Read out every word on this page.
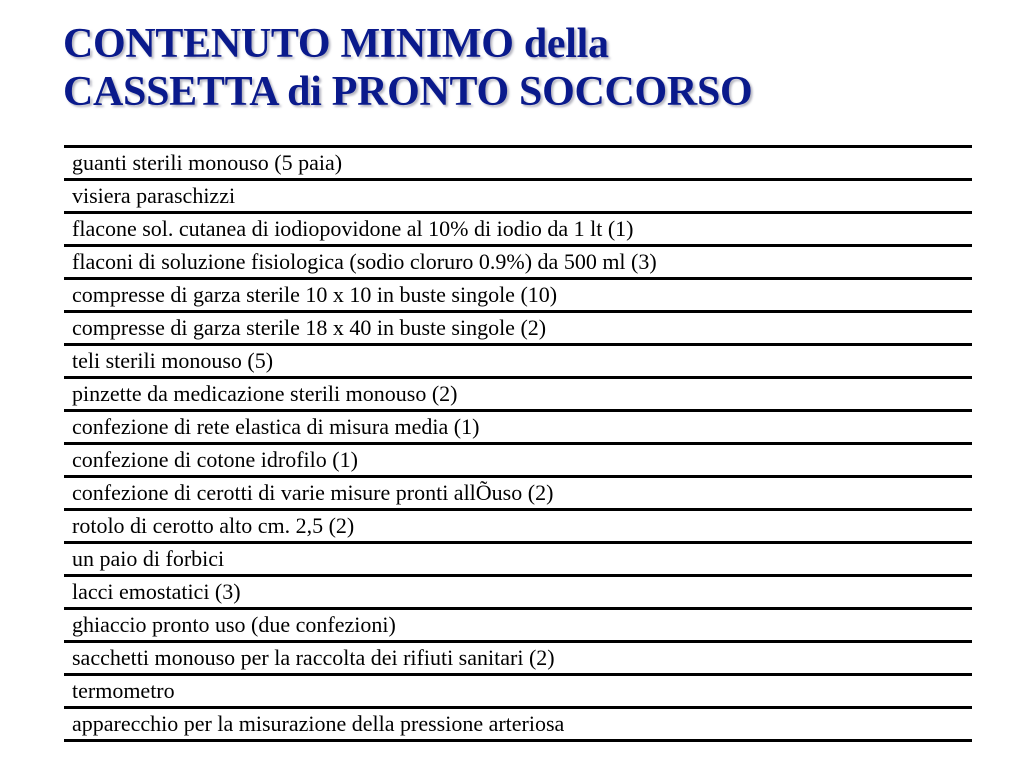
CONTENUTO MINIMO della
CASSETTA di PRONTO SOCCORSO
guanti sterili monouso (5 paia)
visiera paraschizzi
flacone sol. cutanea di iodiopovidone al 10% di iodio da 1 lt (1)
flaconi di soluzione fisiologica (sodio cloruro 0.9%) da 500 ml (3)
compresse di garza sterile 10 x 10 in buste singole (10)
compresse di garza sterile 18 x 40 in buste singole (2)
teli sterili monouso (5)
pinzette da medicazione sterili monouso (2)
confezione di rete elastica di misura media (1)
confezione di cotone idrofilo (1)
confezione di cerotti di varie misure pronti allÕuso (2)
rotolo di cerotto alto cm. 2,5 (2)
un paio di forbici
lacci emostatici (3)
ghiaccio pronto uso (due confezioni)
sacchetti monouso per la raccolta dei rifiuti sanitari (2)
termometro
apparecchio per la misurazione della pressione arteriosa
